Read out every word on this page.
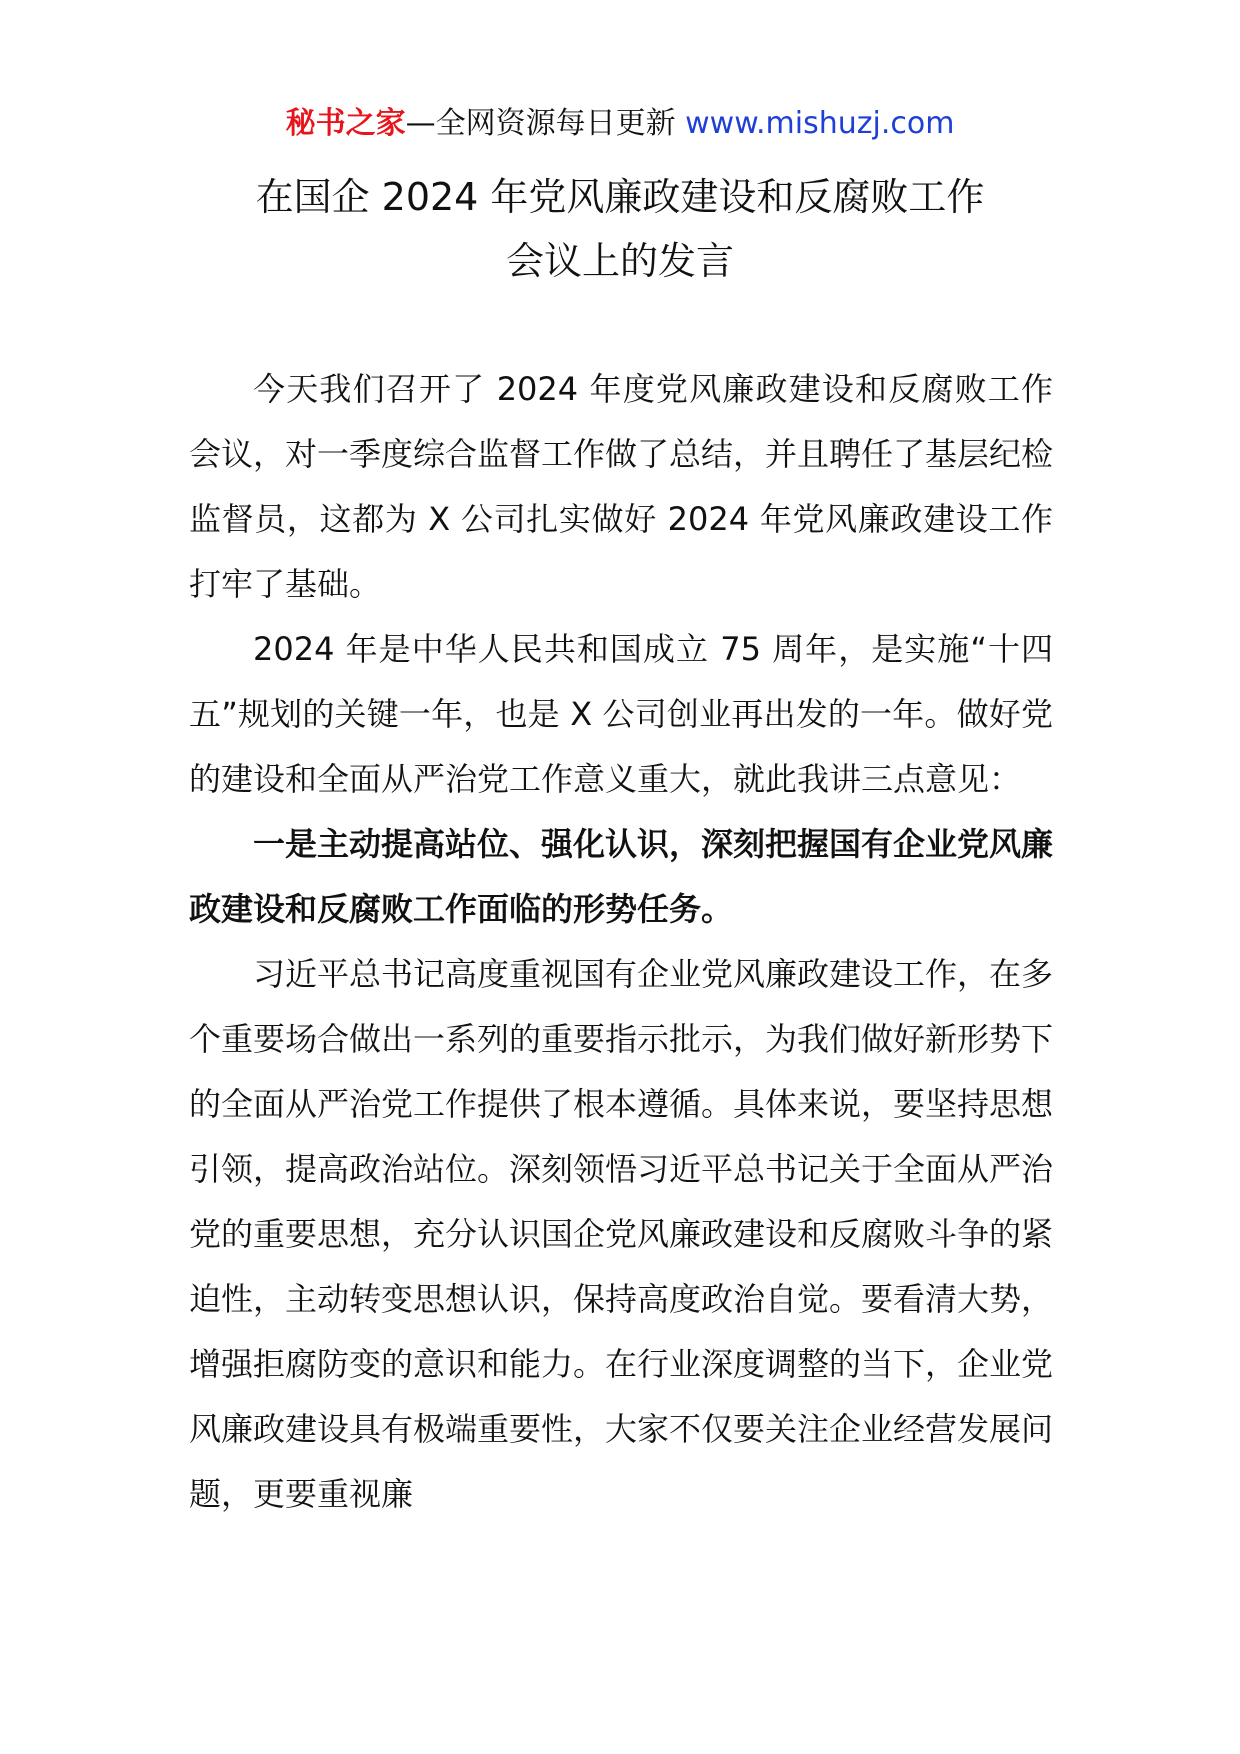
秘书之家—全网资源每日更新 www.mishuzj.com
在国企 2024 年党风廉政建设和反腐败工作
会议上的发言

今天我们召开了 2024 年度党风廉政建设和反腐败工作会议，对一季度综合监督工作做了总结，并且聘任了基层纪检监督员，这都为 X 公司扎实做好 2024 年党风廉政建设工作打牢了基础。

2024 年是中华人民共和国成立 75 周年，是实施“十四五”规划的关键一年，也是 X 公司创业再出发的一年。做好党的建设和全面从严治党工作意义重大，就此我讲三点意见：

一是主动提高站位、强化认识，深刻把握国有企业党风廉政建设和反腐败工作面临的形势任务。

习近平总书记高度重视国有企业党风廉政建设工作，在多个重要场合做出一系列的重要指示批示，为我们做好新形势下的全面从严治党工作提供了根本遵循。具体来说，要坚持思想引领，提高政治站位。深刻领悟习近平总书记关于全面从严治党的重要思想，充分认识国企党风廉政建设和反腐败斗争的紧迫性，主动转变思想认识，保持高度政治自觉。要看清大势，增强拒腐防变的意识和能力。在行业深度调整的当下，企业党风廉政建设具有极端重要性，大家不仅要关注企业经营发展问题，更要重视廉
